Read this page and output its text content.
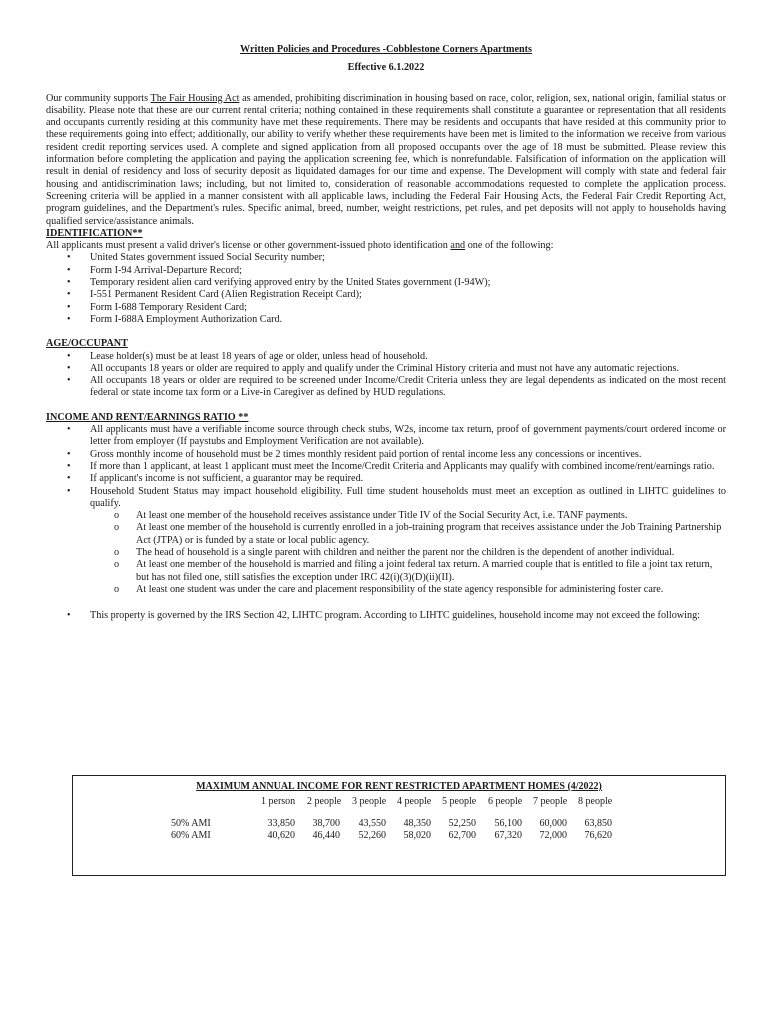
Written Policies and Procedures -Cobblestone Corners Apartments
Effective 6.1.2022

Our community supports The Fair Housing Act as amended, prohibiting discrimination in housing based on race, color, religion, sex, national origin, familial status or disability. Please note that these are our current rental criteria; nothing contained in these requirements shall constitute a guarantee or representation that all residents and occupants currently residing at this community have met these requirements. There may be residents and occupants that have resided at this community prior to these requirements going into effect; additionally, our ability to verify whether these requirements have been met is limited to the information we receive from various resident credit reporting services used. A complete and signed application from all proposed occupants over the age of 18 must be submitted. Please review this information before completing the application and paying the application screening fee, which is nonrefundable. Falsification of information on the application will result in denial of residency and loss of security deposit as liquidated damages for our time and expense. The Development will comply with state and federal fair housing and antidiscrimination laws; including, but not limited to, consideration of reasonable accommodations requested to complete the application process. Screening criteria will be applied in a manner consistent with all applicable laws, including the Federal Fair Housing Acts, the Federal Fair Credit Reporting Act, program guidelines, and the Department's rules. Specific animal, breed, number, weight restrictions, pet rules, and pet deposits will not apply to households having qualified service/assistance animals.

IDENTIFICATION**

All applicants must present a valid driver's license or other government-issued photo identification and one of the following:

• United States government issued Social Security number;
• Form I-94 Arrival-Departure Record;
• Temporary resident alien card verifying approved entry by the United States government (I-94W);
• I-551 Permanent Resident Card (Alien Registration Receipt Card);
• Form I-688 Temporary Resident Card;
• Form I-688A Employment Authorization Card.
AGE/OCCUPANT
• Lease holder(s) must be at least 18 years of age or older, unless head of household.
• All occupants 18 years or older are required to apply and qualify under the Criminal History criteria and must not have any automatic rejections.
• All occupants 18 years or older are required to be screened under Income/Credit Criteria unless they are legal dependents as indicated on the most recent federal or state income tax form or a Live-in Caregiver as defined by HUD regulations.
INCOME AND RENT/EARNINGS RATIO **
• All applicants must have a verifiable income source through check stubs, W2s, income tax return, proof of government payments/court ordered income or letter from employer (If paystubs and Employment Verification are not available).
• Gross monthly income of household must be 2 times monthly resident paid portion of rental income less any concessions or incentives.
• If more than 1 applicant, at least 1 applicant must meet the Income/Credit Criteria and Applicants may qualify with combined income/rent/earnings ratio.
• If applicant's income is not sufficient, a guarantor may be required.
• Household Student Status may impact household eligibility. Full time student households must meet an exception as outlined in LIHTC guidelines to qualify.
o At least one member of the household receives assistance under Title IV of the Social Security Act, i.e. TANF payments.
o At least one member of the household is currently enrolled in a job-training program that receives assistance under the Job Training Partnership Act (JTPA) or is funded by a state or local public agency.
o The head of household is a single parent with children and neither the parent nor the children is the dependent of another individual.
o At least one member of the household is married and filing a joint federal tax return. A married couple that is entitled to file a joint tax return, but has not filed one, still satisfies the exception under IRC 42(i)(3)(D)(ii)(II).
o At least one student was under the care and placement responsibility of the state agency responsible for administering foster care.
• This property is governed by the IRS Section 42, LIHTC program. According to LIHTC guidelines, household income may not exceed the following:
MAXIMUM ANNUAL INCOME FOR RENT RESTRICTED APARTMENT HOMES (4/2022)
1 person 2 people 3 people 4 people 5 people 6 people 7 people 8 people
50% AMI	33,850	38,700	43,550	48,350	52,250	56,100	60,000	63,850
60% AMI	40,620	46,440	52,260	58,020	62,700	67,320	72,000	76,620
